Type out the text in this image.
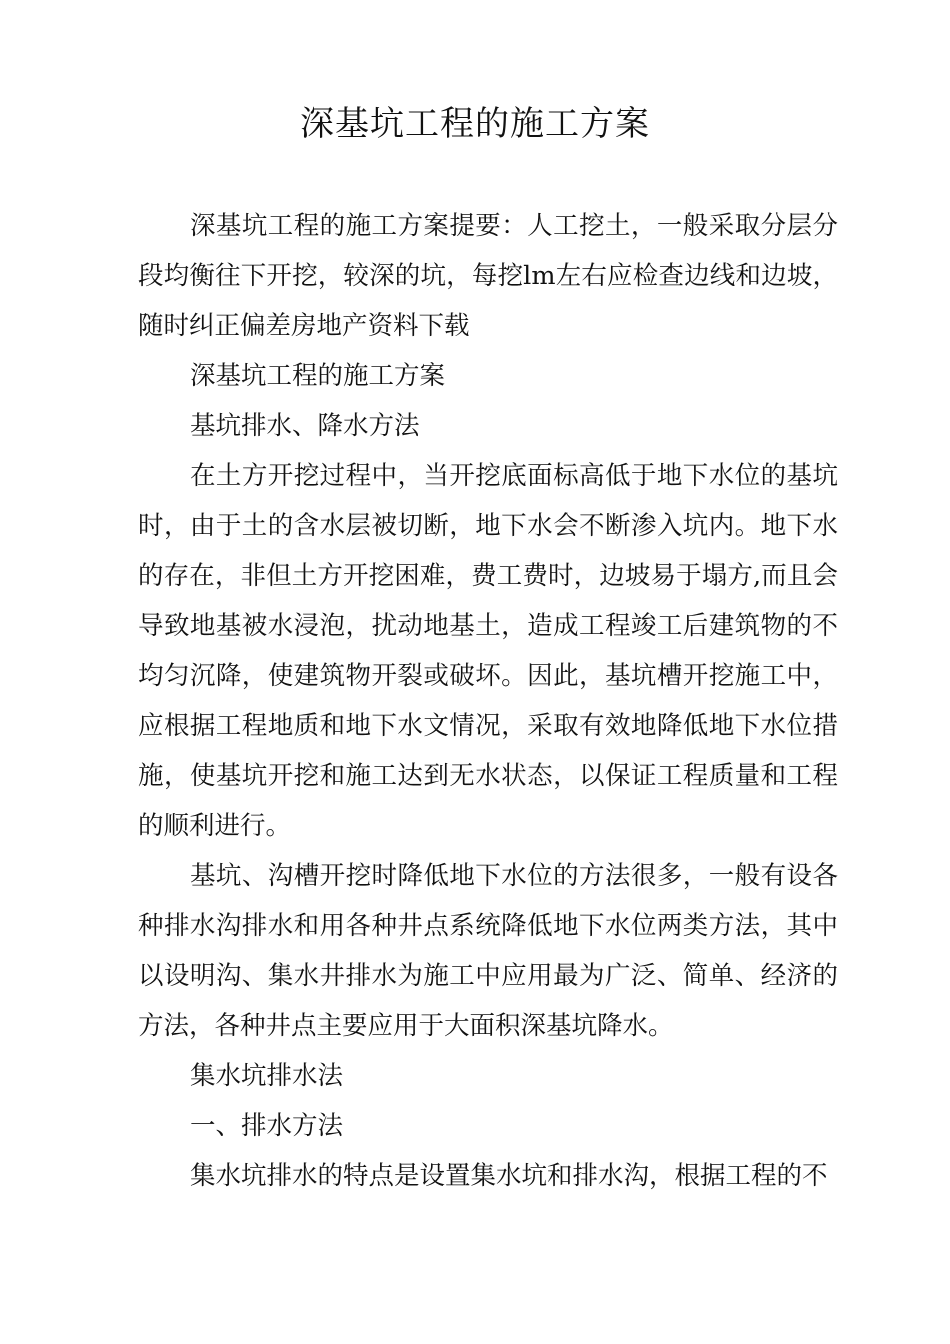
深基坑工程的施工方案

深基坑工程的施工方案提要：人工挖土，一般采取分层分段均衡往下开挖，较深的坑，每挖lm左右应检查边线和边坡，随时纠正偏差房地产资料下载

深基坑工程的施工方案

基坑排水、降水方法

在土方开挖过程中，当开挖底面标高低于地下水位的基坑时，由于土的含水层被切断，地下水会不断渗入坑内。地下水的存在，非但土方开挖困难，费工费时，边坡易于塌方,而且会导致地基被水浸泡，扰动地基土，造成工程竣工后建筑物的不均匀沉降，使建筑物开裂或破坏。因此，基坑槽开挖施工中，应根据工程地质和地下水文情况，采取有效地降低地下水位措施，使基坑开挖和施工达到无水状态，以保证工程质量和工程的顺利进行。

基坑、沟槽开挖时降低地下水位的方法很多，一般有设各种排水沟排水和用各种井点系统降低地下水位两类方法，其中以设明沟、集水井排水为施工中应用最为广泛、简单、经济的方法，各种井点主要应用于大面积深基坑降水。

集水坑排水法

一、排水方法

集水坑排水的特点是设置集水坑和排水沟，根据工程的不
